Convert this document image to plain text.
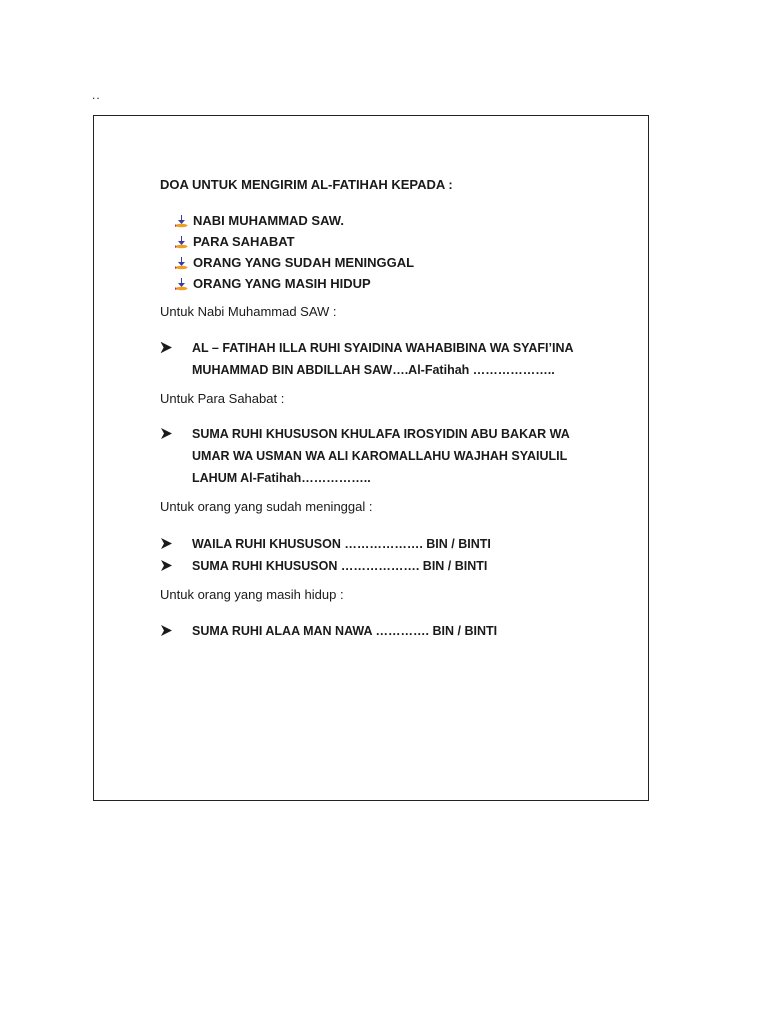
..
DOA UNTUK MENGIRIM AL-FATIHAH KEPADA :
NABI MUHAMMAD SAW.
PARA SAHABAT
ORANG YANG SUDAH MENINGGAL
ORANG YANG MASIH HIDUP
Untuk Nabi Muhammad SAW :
AL – FATIHAH ILLA RUHI SYAIDINA WAHABIBINA WA SYAFI’INA
MUHAMMAD BIN ABDILLAH SAW….Al-Fatihah ………………..
Untuk Para Sahabat :
SUMA RUHI KHUSUSON KHULAFA IROSYIDIN ABU BAKAR WA
UMAR WA USMAN WA ALI KAROMALLAHU WAJHAH SYAIULIL
LAHUM Al-Fatihah……………..
Untuk orang yang sudah meninggal :
WAILA RUHI KHUSUSON ………………. BIN / BINTI
SUMA RUHI KHUSUSON ………………. BIN / BINTI
Untuk orang yang masih hidup :
SUMA RUHI ALAA MAN NAWA …………. BIN / BINTI
